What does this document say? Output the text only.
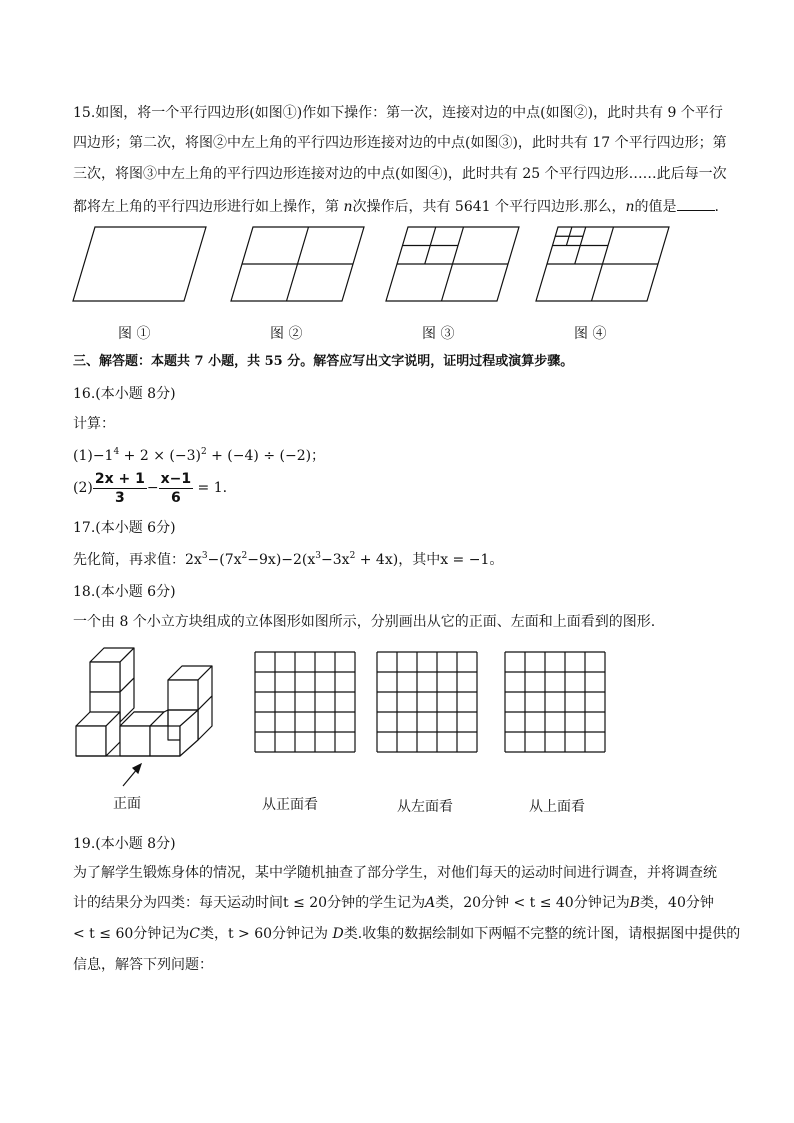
15.如图，将一个平行四边形(如图①)作如下操作：第一次，连接对边的中点(如图②)，此时共有 9 个平行
四边形；第二次，将图②中左上角的平行四边形连接对边的中点(如图③)，此时共有 17 个平行四边形；第
三次，将图③中左上角的平行四边形连接对边的中点(如图④)，此时共有 25 个平行四边形……此后每一次
都将左上角的平行四边形进行如上操作，第 n次操作后，共有 5641 个平行四边形.那么，n的值是	.
图 ①	图 ②	图 ③	图 ④
三、解答题：本题共 7 小题，共 55 分。解答应写出文字说明，证明过程或演算步骤。
16.(本小题 8分)
计算：
$(1)-1^4 + 2 \times (-3)^2 + (-4) \div (-2)$；
$(2) \frac{2x + 1}{3} - \frac{x-1}{6} = 1$.
17.(本小题 6分)
先化简，再求值：$2x^3-(7x^2-9x)-2(x^3-3x^2 + 4x)$，其中x = −1。
18.(本小题 6分)
一个由 8 个小立方块组成的立体图形如图所示，分别画出从它的正面、左面和上面看到的图形.
正面	从正面看	从左面看	从上面看
19.(本小题 8分)
为了解学生锻炼身体的情况，某中学随机抽查了部分学生，对他们每天的运动时间进行调查，并将调查统
计的结果分为四类：每天运动时间t ≤ 20分钟的学生记为A类，20分钟 < t ≤ 40分钟记为B类，40分钟
< t ≤ 60分钟记为C类，t > 60分钟记为 D类.收集的数据绘制如下两幅不完整的统计图，请根据图中提供的
信息，解答下列问题：
